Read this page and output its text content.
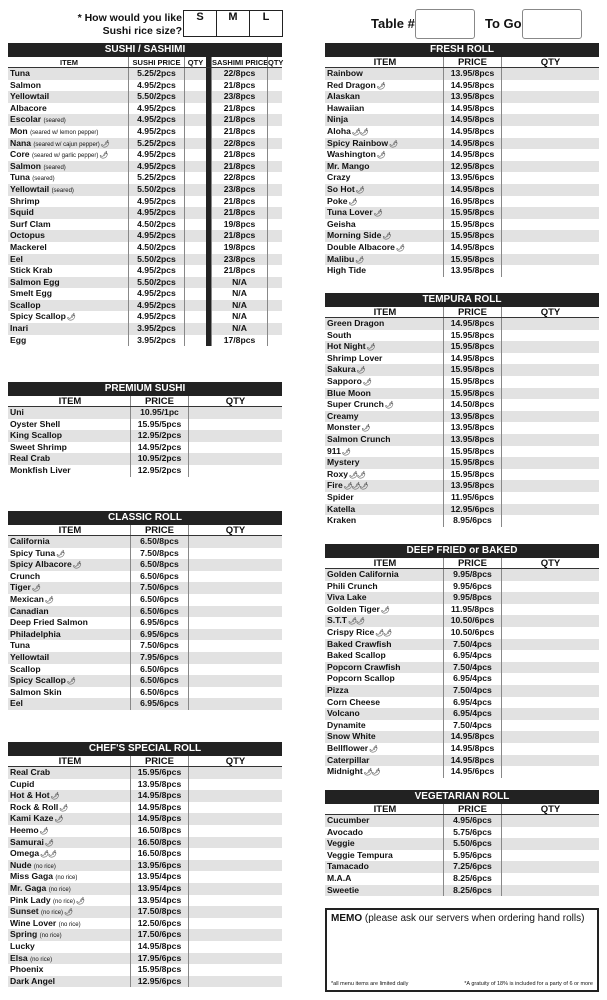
* How would you like
Sushi rice size?
S	M	L	Table #	To Go
SUSHI / SASHIMI
ITEM	SUSHI PRICE QTY	SASHIMI PRICE QTY
Tuna	5.25/2pcs	22/8pcs
Salmon	4.95/2pcs	21/8pcs
Yellowtail	5.50/2pcs	23/8pcs
Albacore	4.95/2pcs	21/8pcs
Escolar (seared)	4.95/2pcs	21/8pcs
Mon (seared w/ lemon pepper)	4.95/2pcs	21/8pcs
Nana (seared w/ cajun pepper)🌶	5.25/2pcs	22/8pcs
Core (seared w/ garlic pepper)🌶	4.95/2pcs	21/8pcs
Salmon (seared)	4.95/2pcs	21/8pcs
Tuna (seared)	5.25/2pcs	22/8pcs
Yellowtail (seared)	5.50/2pcs	23/8pcs
Shrimp	4.95/2pcs	21/8pcs
Squid	4.95/2pcs	21/8pcs
Surf Clam	4.50/2pcs	19/8pcs
Octopus	4.95/2pcs	21/8pcs
Mackerel	4.50/2pcs	19/8pcs
Eel	5.50/2pcs	23/8pcs
Stick Krab	4.95/2pcs	21/8pcs
Salmon Egg	5.50/2pcs	N/A
Smelt Egg	4.95/2pcs	N/A
Scallop	4.95/2pcs	N/A
Spicy Scallop🌶	4.95/2pcs	N/A
Inari	3.95/2pcs	N/A
Egg	3.95/2pcs	17/8pcs
PREMIUM SUSHI
ITEM	PRICE	QTY
Uni	10.95/1pc
Oyster Shell	15.95/5pcs
King Scallop	12.95/2pcs
Sweet Shrimp	14.95/2pcs
Real Crab	10.95/2pcs
Monkfish Liver	12.95/2pcs
CLASSIC ROLL
ITEM	PRICE	QTY
California	6.50/8pcs
Spicy Tuna🌶	7.50/8pcs
Spicy Albacore🌶	6.50/8pcs
Crunch	6.50/6pcs
Tiger🌶	7.50/6pcs
Mexican🌶	6.50/6pcs
Canadian	6.50/6pcs
Deep Fried Salmon	6.95/6pcs
Philadelphia	6.95/6pcs
Tuna	7.50/6pcs
Yellowtail	7.95/6pcs
Scallop	6.50/6pcs
Spicy Scallop🌶	6.50/6pcs
Salmon Skin	6.50/6pcs
Eel	6.95/6pcs
CHEF'S SPECIAL ROLL
ITEM	PRICE	QTY
Real Crab	15.95/6pcs
Cupid	13.95/8pcs
Hot & Hot🌶	14.95/8pcs
Rock & Roll🌶	14.95/8pcs
Kami Kaze🌶	14.95/8pcs
Heemo🌶	16.50/8pcs
Samurai🌶	16.50/8pcs
Omega🌶🌶	16.50/8pcs
Nude (no rice)	13.95/6pcs
Miss Gaga (no rice)	13.95/4pcs
Mr. Gaga (no rice)	13.95/4pcs
Pink Lady (no rice)🌶	13.95/4pcs
Sunset (no rice)🌶	17.50/8pcs
Wine Lover (no rice)	12.50/6pcs
Spring (no rice)	17.50/6pcs
Lucky	14.95/8pcs
Elsa (no rice)	17.95/6pcs
Phoenix	15.95/8pcs
Dark Angel	12.95/6pcs
FRESH ROLL
ITEM	PRICE	QTY
Rainbow	13.95/8pcs
Red Dragon🌶	14.95/8pcs
Alaskan	13.95/8pcs
Hawaiian	14.95/8pcs
Ninja	14.95/8pcs
Aloha🌶🌶	14.95/8pcs
Spicy Rainbow🌶	14.95/8pcs
Washington🌶	14.95/8pcs
Mr. Mango	12.95/8pcs
Crazy	13.95/6pcs
So Hot🌶	14.95/8pcs
Poke🌶	16.95/8pcs
Tuna Lover🌶	15.95/8pcs
Geisha	15.95/8pcs
Morning Side🌶	15.95/8pcs
Double Albacore🌶	14.95/8pcs
Malibu🌶	15.95/8pcs
High Tide	13.95/8pcs
TEMPURA ROLL
ITEM	PRICE	QTY
Green Dragon	14.95/8pcs
South	15.95/8pcs
Hot Night🌶	15.95/8pcs
Shrimp Lover	14.95/8pcs
Sakura🌶	15.95/8pcs
Sapporo🌶	15.95/8pcs
Blue Moon	15.95/8pcs
Super Crunch🌶	14.50/8pcs
Creamy	13.95/8pcs
Monster🌶	13.95/8pcs
Salmon Crunch	13.95/8pcs
911🌶	15.95/8pcs
Mystery	15.95/8pcs
Roxy🌶🌶	15.95/8pcs
Fire🌶🌶🌶	13.95/8pcs
Spider	11.95/6pcs
Katella	12.95/6pcs
Kraken	8.95/6pcs
DEEP FRIED or BAKED
ITEM	PRICE	QTY
Golden California	9.95/8pcs
Phili Crunch	9.95/6pcs
Viva Lake	9.95/8pcs
Golden Tiger🌶	11.95/8pcs
S.T.T🌶🌶	10.50/6pcs
Crispy Rice🌶🌶	10.50/6pcs
Baked Crawfish	7.50/4pcs
Baked Scallop	6.95/4pcs
Popcorn Crawfish	7.50/4pcs
Popcorn Scallop	6.95/4pcs
Pizza	7.50/4pcs
Corn Cheese	6.95/4pcs
Volcano	6.95/4pcs
Dynamite	7.50/4pcs
Snow White	14.95/8pcs
Bellflower🌶	14.95/8pcs
Caterpillar	14.95/8pcs
Midnight🌶🌶	14.95/6pcs
VEGETARIAN ROLL
ITEM	PRICE	QTY
Cucumber	4.95/6pcs
Avocado	5.75/6pcs
Veggie	5.50/6pcs
Veggie Tempura	5.95/6pcs
Tamacado	7.25/6pcs
M.A.A	8.25/6pcs
Sweetie	8.25/6pcs
MEMO (please ask our servers when ordering hand rolls)
*all menu items are limited daily	*A gratuity of 18% is included for a party of 6 or more
